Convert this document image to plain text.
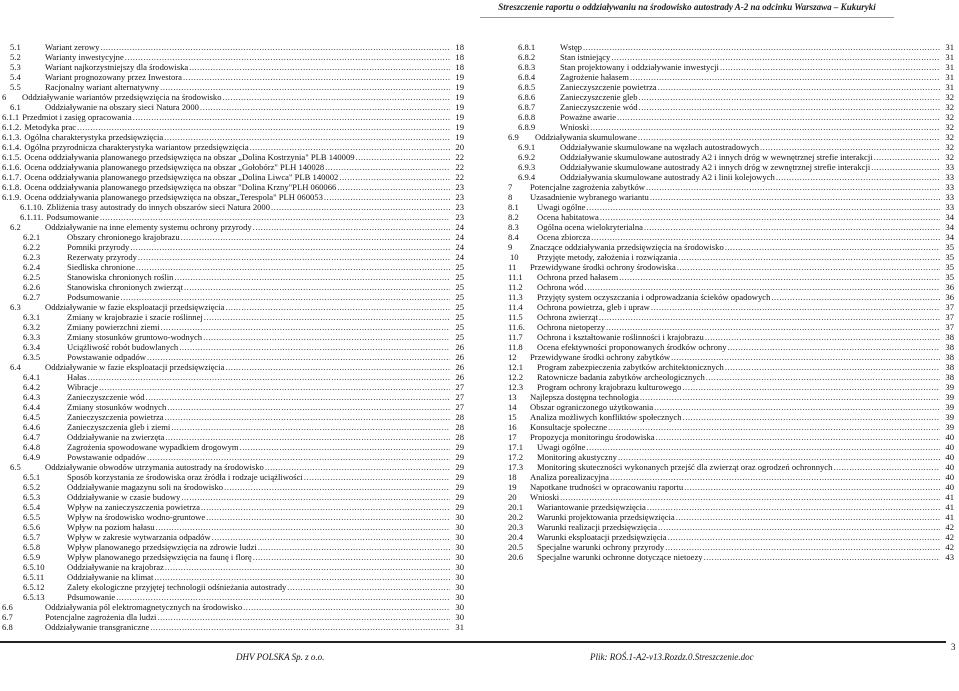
Streszczenie raportu o oddziaływaniu na środowisko autostrady A-2 na odcinku Warszawa – Kukuryki
5.1	Wariant zerowy .....	18
5.2	Warianty inwestycyjne .....	18
5.3	Wariant najkorzystniejszy dla środowiska .....	18
5.4	Wariant prognozowany przez Inwestora .....	19
5.5	Racjonalny wariant alternatywny .....	19
6 Oddziaływanie wariantów przedsięwzięcia na środowisko .....	19
6.1	Oddziaływanie na obszary sieci Natura 2000 .....	19
6.1.1 Przedmiot i zasięg opracowania .....	19
6.1.2. Metodyka prac .....	19
6.1.3. Ogólna charakterystyka przedsięwzięcia .....	19
6.1.4. Ogólna przyrodnicza charakterystyka wariantow przedsięwzięcia .....	20
6.1.5. Ocena oddziaływania planowanego przedsięwzięca na obszar „Dolina Kostrzynia" PLB 140009 .....	22
6.1.6. Ocena oddziaływania planowanego przedsięwzięca na obszar „Gołobórz" PLH 140028 .....	22
6.1.7. Ocena oddziaływania planowanego przedsięwzięca na obszar „Dolina Liwca" PLB 140002 .....	22
6.1.8. Ocena oddziaływania planowanego przedsięwzięca na obszar "Dolina Krzny"PLH 060066 .....	23
6.1.9. Ocena oddziaływania planowanego przedsięwzięca na obszar„Terespola" PLH 060053 .....	23
6.1.10. Zbliżenia trasy autostrady do innych obszarów sieci Natura 2000 .....	23
6.1.11. Podsumowanie .....	23
6.2	Oddziaływanie na inne elementy systemu ochrony przyrody .....	24
6.2.1	Obszary chronionego krajobrazu .....	24
6.2.2	Pomniki przyrody .....	24
6.2.3	Rezerwaty przyrody .....	24
6.2.4	Siedliska chronione .....	25
6.2.5	Stanowiska chronionych roślin .....	25
6.2.6	Stanowiska chronionych zwierząt .....	25
6.2.7	Podsumowanie .....	25
6.3	Oddziaływanie w fazie eksploatacji przedsięwzięcia .....	25
6.3.1	Zmiany w krajobrazie i szacie roślinnej .....	25
6.3.2	Zmiany powierzchni ziemi .....	25
6.3.3	Zmiany stosunków gruntowo-wodnych .....	25
6.3.4	Uciążliwość robót budowlanych .....	26
6.3.5	Powstawanie odpadów .....	26
6.4	Oddziaływanie w fazie eksploatacji przedsięwzięcia .....	26
6.4.1	Hałas .....	26
6.4.2	Wibracje .....	27
6.4.3	Zanieczyszczenie wód .....	27
6.4.4	Zmiany stosunków wodnych .....	27
6.4.5	Zanieczyszczenia powietrza .....	28
6.4.6	Zanieczyszczenia gleb i ziemi .....	28
6.4.7	Oddziaływanie na zwierzęta .....	28
6.4.8	Zagrożenia spowodowane wypadkiem drogowym .....	29
6.4.9	Powstawanie odpadów .....	29
6.5	Oddziaływanie obwodów utrzymania autostrady na środowisko .....	29
6.5.1	Sposób korzystania ze środowiska oraz źródła i rodzaje uciążliwości .....	29
6.5.2	Oddziaływanie magazynu soli na środowisko .....	29
6.5.3	Oddziaływanie w czasie budowy .....	29
6.5.4	Wpływ na zanieczyszczenia powietrza .....	29
6.5.5	Wpływ na środowisko wodno-gruntowe .....	30
6.5.6	Wpływ na poziom hałasu .....	30
6.5.7	Wpływ w zakresie wytwarzania odpadów .....	30
6.5.8	Wpływ planowanego przedsięwzięcia na zdrowie ludzi .....	30
6.5.9	Wpływ planowanego przedsięwzięcia na faunę i florę .....	30
6.5.10	Oddziaływanie na krajobraz .....	30
6.5.11	Oddziaływanie na klimat .....	30
6.5.12	Zalety ekologiczne przyjętej technologii odśnieżania autostrady .....	30
6.5.13	Pdsumowanie .....	30
6.6	Oddziaływania pól elektromagnetycznych na środowisko .....	30
6.7	Potencjalne zagrożenia dla ludzi .....	30
6.8	Oddziaływanie transgraniczne .....	31
6.8.1	Wstęp .....	31
6.8.2	Stan istniejący .....	31
6.8.3	Stan projektowany i oddziaływanie inwestycji .....	31
6.8.4	Zagrożenie hałasem .....	31
6.8.5	Zanieczyszczenie powietrza .....	31
6.8.6	Zanieczyszczenie gleb .....	32
6.8.7	Zanieczyszczenie wód .....	32
6.8.8	Poważne awarie .....	32
6.8.9	Wnioski .....	32
6.9 Oddziaływania skumulowane .....	32
6.9.1	Oddziaływanie skumulowane na węzłach autostradowych .....	32
6.9.2	Oddziaływanie skumulowane autostrady A2 i innych dróg w wewnętrznej strefie interakcji .....	32
6.9.3	Oddziaływanie skumulowane autostrady A2 i innych dróg w zewnętrznej strefie interakcji .....	33
6.9.4	Oddziaływania skumulowane autostrady A2 i linii kolejowych .....	33
7 Potencjalne zagrożenia zabytków .....	33
8 Uzasadnienie wybranego wariantu .....	33
8.1 Uwagi ogólne .....	33
8.2 Ocena habitatowa .....	34
8.3 Ogólna ocena wielokryterialna .....	34
8.4 Ocena zbiorcza .....	34
9 Znaczące oddziaływania przedsięwzięcia na środowisko .....	35
10 Przyjęte metody, założenia i rozwiązania .....	35
11 Przewidywane środki ochrony środowiska .....	35
11.1 Ochrona przed hałasem .....	35
11.2 Ochrona wód .....	36
11.3 Przyjęty system oczyszczania i odprowadzania ścieków opadowych .....	36
11.4 Ochrona powietrza, gleb i upraw .....	37
11.5 Ochrona zwierząt .....	37
11.6. Ochrona nietoperzy .....	37
11.7 Ochrona i kształtowanie roślinności i krajobrazu .....	38
11.8 Ocena efektywności proponowanych środków ochrony .....	38
12 Przewidywane środki ochrony zabytków .....	38
12.1 Program zabezpieczenia zabytków architektonicznych .....	38
12.2 Ratownicze badania zabytków archeologicznych .....	38
12.3 Program ochrony krajobrazu kulturowego .....	39
13 Najlepsza dostępna technologia .....	39
14 Obszar ograniczonego użytkowania .....	39
15 Analiza możliwych konfliktów społecznych .....	39
16 Konsultacje społeczne .....	39
17 Propozycja monitoringu środowiska .....	40
17.1 Uwagi ogólne .....	40
17.2 Monitoring akustyczny .....	40
17.3 Monitoring skuteczności wykonanych przejść dla zwierząt oraz ogrodzeń ochronnych .....	40
18 Analiza porealizacyjna .....	40
19 Napotkane trudności w opracowaniu raportu .....	40
20 Wnioski .....	41
20.1 Wariantowanie przedsięwzięcia .....	41
20.2 Warunki projektowania przedsięwzięcia .....	41
20.3 Warunki realizacji przedsięwzięcia .....	42
20.4 Warunki eksploatacji przedsięwzięcia .....	42
20.5 Specjalne warunki ochrony przyrody .....	42
20.6 Specjalne warunki ochronne dotyczące nietoezy .....	43
DHV POLSKA Sp. z o.o.	Plik: ROŚ.1-A2-v13.Rozdz.0.Streszczenie.doc
3
